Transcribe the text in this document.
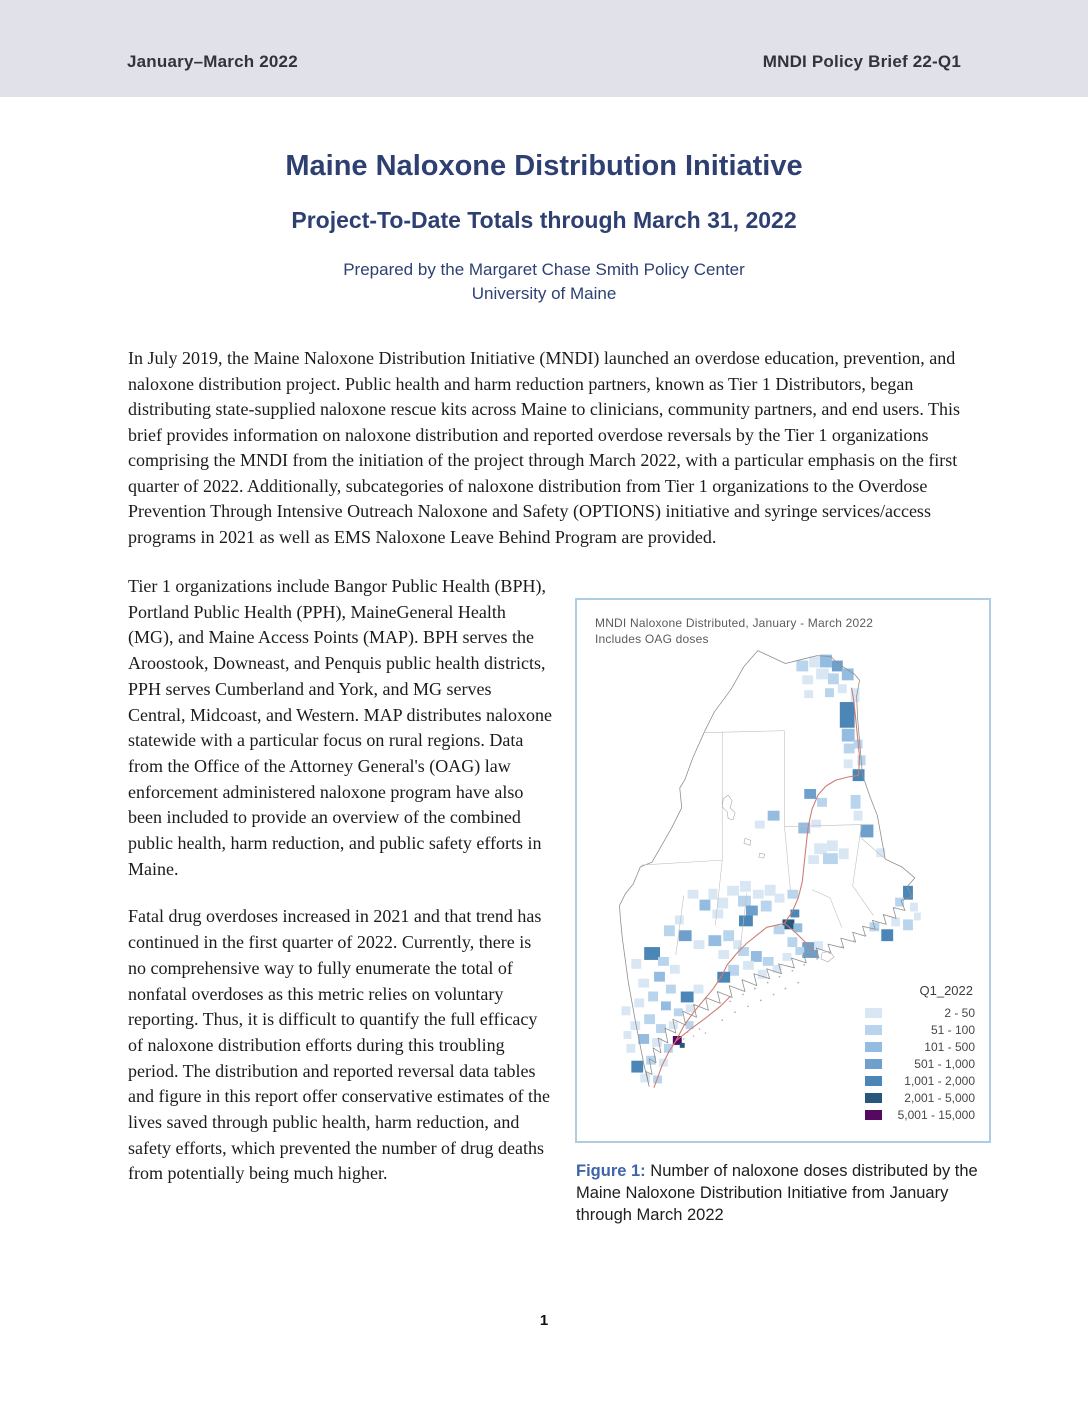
January–March 2022	MNDI Policy Brief 22-Q1
Maine Naloxone Distribution Initiative
Project-To-Date Totals through March 31, 2022
Prepared by the Margaret Chase Smith Policy Center
University of Maine

In July 2019, the Maine Naloxone Distribution Initiative (MNDI) launched an overdose education, prevention, and naloxone distribution project. Public health and harm reduction partners, known as Tier 1 Distributors, began distributing state-supplied naloxone rescue kits across Maine to clinicians, community partners, and end users. This brief provides information on naloxone distribution and reported overdose reversals by the Tier 1 organizations comprising the MNDI from the initiation of the project through March 2022, with a particular emphasis on the first quarter of 2022. Additionally, subcategories of naloxone distribution from Tier 1 organizations to the Overdose Prevention Through Intensive Outreach Naloxone and Safety (OPTIONS) initiative and syringe services/access programs in 2021 as well as EMS Naloxone Leave Behind Program are provided.

Tier 1 organizations include Bangor Public Health (BPH), Portland Public Health (PPH), MaineGeneral Health (MG), and Maine Access Points (MAP). BPH serves the Aroostook, Downeast, and Penquis public health districts, PPH serves Cumberland and York, and MG serves Central, Midcoast, and Western. MAP distributes naloxone statewide with a particular focus on rural regions. Data from the Office of the Attorney General's (OAG) law enforcement administered naloxone program have also been included to provide an overview of the combined public health, harm reduction, and public safety efforts in Maine.

Fatal drug overdoses increased in 2021 and that trend has continued in the first quarter of 2022. Currently, there is no comprehensive way to fully enumerate the total of nonfatal overdoses as this metric relies on voluntary reporting. Thus, it is difficult to quantify the full efficacy of naloxone distribution efforts during this troubling period. The distribution and reported reversal data tables and figure in this report offer conservative estimates of the lives saved through public health, harm reduction, and safety efforts, which prevented the number of drug deaths from potentially being much higher.

MNDI Naloxone Distributed, January - March 2022
Includes OAG doses
Q1_2022
2 - 50
51 - 100
101 - 500
501 - 1,000
1,001 - 2,000
2,001 - 5,000
5,001 - 15,000

Figure 1: Number of naloxone doses distributed by the Maine Naloxone Distribution Initiative from January through March 2022

1
